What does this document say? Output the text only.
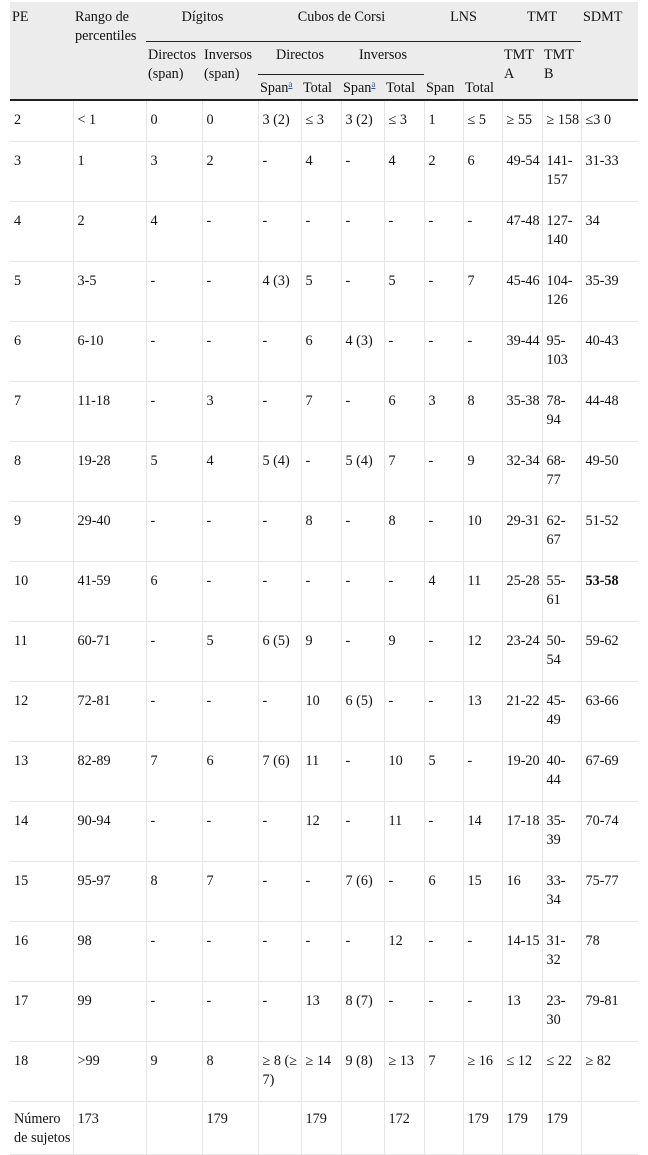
PE	Rango de percentiles	Dígitos		Cubos de Corsi				LNS		TMT		SDMT
		Directos (span)	Inversos (span)	Directos		Inversos				TMT A	TMT B	
				Span$^a$	Total	Span$^a$	Total	Span	Total			
2	< 1	0	0	3 (2)	≤ 3	3 (2)	≤ 3	1	≤ 5	≥ 55	≥ 158	≤3 0
3	1	3	2	-	4	-	4	2	6	49-54	141-157	31-33
4	2	4	-	-	-	-	-	-	-	47-48	127-140	34
5	3-5	-	-	4 (3)	5	-	5	-	7	45-46	104-126	35-39
6	6-10	-	-	-	6	4 (3)	-	-	-	39-44	95-103	40-43
7	11-18	-	3	-	7	-	6	3	8	35-38	78-94	44-48
8	19-28	5	4	5 (4)	-	5 (4)	7	-	9	32-34	68-77	49-50
9	29-40	-	-	-	8	-	8	-	10	29-31	62-67	51-52
10	41-59	6	-	-	-	-	-	4	11	25-28	55-61	53-58
11	60-71	-	5	6 (5)	9	-	9	-	12	23-24	50-54	59-62
12	72-81	-	-	-	10	6 (5)	-	-	13	21-22	45-49	63-66
13	82-89	7	6	7 (6)	11	-	10	5	-	19-20	40-44	67-69
14	90-94	-	-	-	12	-	11	-	14	17-18	35-39	70-74
15	95-97	8	7	-	-	7 (6)	-	6	15	16	33-34	75-77
16	98	-	-	-	-	-	12	-	-	14-15	31-32	78
17	99	-	-	-	13	8 (7)	-	-	-	13	23-30	79-81
18	>99	9	8	≥ 8 (≥ 7)	≥ 14	9 (8)	≥ 13	7	≥ 16	≤ 12	≤ 22	≥ 82
Número de sujetos	173		179		179		172		179	179	179	
